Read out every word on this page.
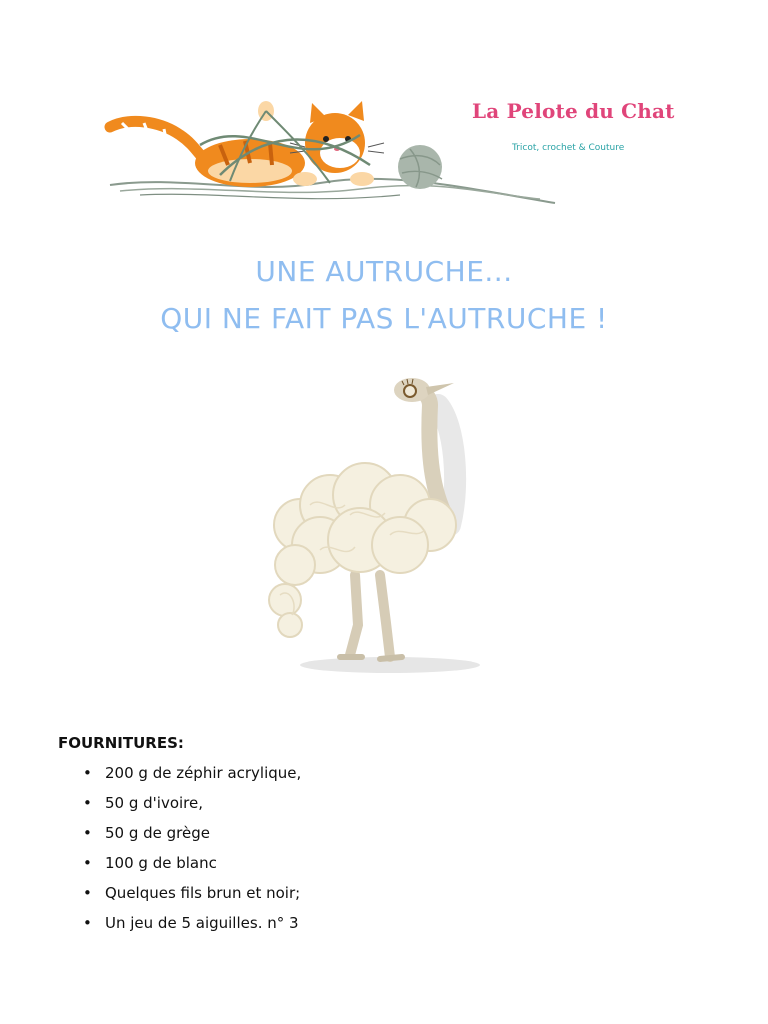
La Pelote du Chat
Tricot, crochet & Couture
UNE AUTRUCHE...
QUI NE FAIT PAS L'AUTRUCHE !
FOURNITURES:
• 200 g de zéphir acrylique,
• 50 g d'ivoire,
• 50 g de grège
• 100 g de blanc
• Quelques fils brun et noir;
• Un jeu de 5 aiguilles. n° 3
